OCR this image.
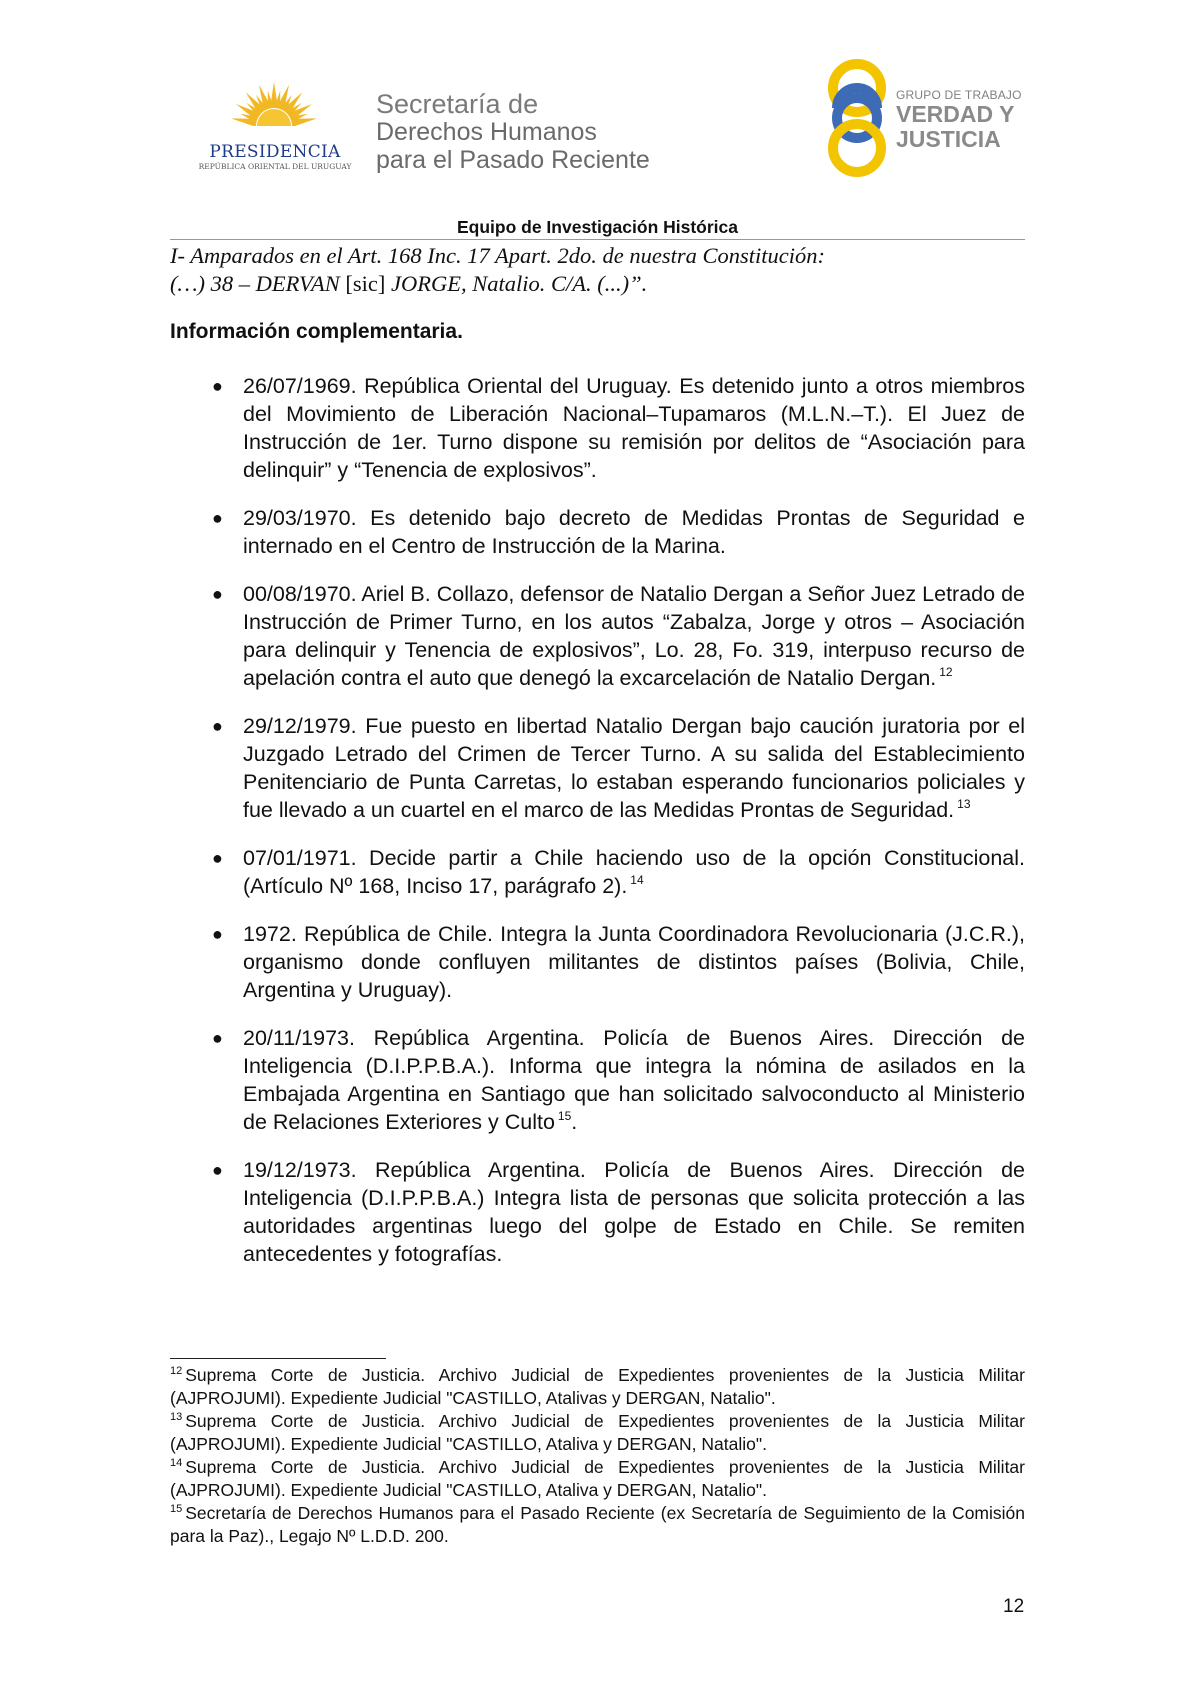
PRESIDENCIA
REPÚBLICA ORIENTAL DEL URUGUAY
Secretaría de
Derechos Humanos
para el Pasado Reciente
GRUPO DE TRABAJO
VERDAD Y
JUSTICIA
Equipo de Investigación Histórica
I- Amparados en el Art. 168 Inc. 17 Apart. 2do. de nuestra Constitución:
(…) 38 – DERVAN [sic] JORGE, Natalio. C/A. (...)”.
Información complementaria.
● 26/07/1969. República Oriental del Uruguay. Es detenido junto a otros miembros del Movimiento de Liberación Nacional–Tupamaros (M.L.N.–T.). El Juez de Instrucción de 1er. Turno dispone su remisión por delitos de “Asociación para delinquir” y “Tenencia de explosivos”.
● 29/03/1970. Es detenido bajo decreto de Medidas Prontas de Seguridad e internado en el Centro de Instrucción de la Marina.
● 00/08/1970. Ariel B. Collazo, defensor de Natalio Dergan a Señor Juez Letrado de Instrucción de Primer Turno, en los autos “Zabalza, Jorge y otros – Asociación para delinquir y Tenencia de explosivos”, Lo. 28, Fo. 319, interpuso recurso de apelación contra el auto que denegó la excarcelación de Natalio Dergan. $^{12}$
● 29/12/1979. Fue puesto en libertad Natalio Dergan bajo caución juratoria por el Juzgado Letrado del Crimen de Tercer Turno. A su salida del Establecimiento Penitenciario de Punta Carretas, lo estaban esperando funcionarios policiales y fue llevado a un cuartel en el marco de las Medidas Prontas de Seguridad. $^{13}$
● 07/01/1971. Decide partir a Chile haciendo uso de la opción Constitucional. (Artículo Nº 168, Inciso 17, parágrafo 2). $^{14}$
● 1972. República de Chile. Integra la Junta Coordinadora Revolucionaria (J.C.R.), organismo donde confluyen militantes de distintos países (Bolivia, Chile, Argentina y Uruguay).
● 20/11/1973. República Argentina. Policía de Buenos Aires. Dirección de Inteligencia (D.I.P.P.B.A.). Informa que integra la nómina de asilados en la Embajada Argentina en Santiago que han solicitado salvoconducto al Ministerio de Relaciones Exteriores y Culto $^{15}$.
● 19/12/1973. República Argentina. Policía de Buenos Aires. Dirección de Inteligencia (D.I.P.P.B.A.) Integra lista de personas que solicita protección a las autoridades argentinas luego del golpe de Estado en Chile. Se remiten antecedentes y fotografías.

$^{12}$ Suprema Corte de Justicia. Archivo Judicial de Expedientes provenientes de la Justicia Militar (AJPROJUMI). Expediente Judicial "CASTILLO, Atalivas y DERGAN, Natalio".

$^{13}$ Suprema Corte de Justicia. Archivo Judicial de Expedientes provenientes de la Justicia Militar (AJPROJUMI). Expediente Judicial "CASTILLO, Ataliva y DERGAN, Natalio".

$^{14}$ Suprema Corte de Justicia. Archivo Judicial de Expedientes provenientes de la Justicia Militar (AJPROJUMI). Expediente Judicial "CASTILLO, Ataliva y DERGAN, Natalio".

$^{15}$ Secretaría de Derechos Humanos para el Pasado Reciente (ex Secretaría de Seguimiento de la Comisión para la Paz)., Legajo Nº L.D.D. 200.

12
